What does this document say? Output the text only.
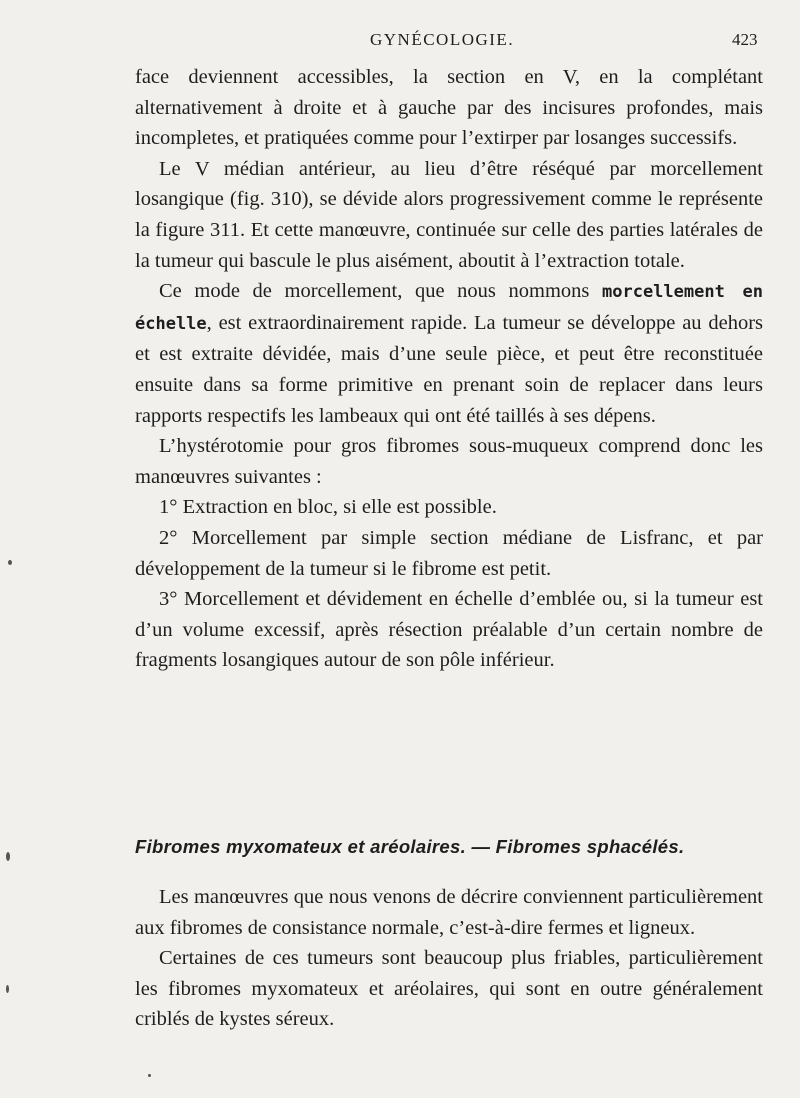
GYNÉCOLOGIE.	423

face deviennent accessibles, la section en V, en la complétant alternativement à droite et à gauche par des incisures profondes, mais incompletes, et pratiquées comme pour l’extirper par losanges successifs.

Le V médian antérieur, au lieu d’être réséqué par morcellement losangique (fig. 310), se dévide alors progressivement comme le représente la figure 311. Et cette manœuvre, continuée sur celle des parties latérales de la tumeur qui bascule le plus aisément, aboutit à l’extraction totale.

Ce mode de morcellement, que nous nommons morcellement en échelle, est extraordinairement rapide. La tumeur se développe au dehors et est extraite dévidée, mais d’une seule pièce, et peut être reconstituée ensuite dans sa forme primitive en prenant soin de replacer dans leurs rapports respectifs les lambeaux qui ont été taillés à ses dépens.

L’hystérotomie pour gros fibromes sous-muqueux comprend donc les manœuvres suivantes :

1° Extraction en bloc, si elle est possible.

2° Morcellement par simple section médiane de Lisfranc, et par développement de la tumeur si le fibrome est petit.

3° Morcellement et dévidement en échelle d’emblée ou, si la tumeur est d’un volume excessif, après résection préalable d’un certain nombre de fragments losangiques autour de son pôle inférieur.

Fibromes myxomateux et aréolaires. — Fibromes sphacélés.

Les manœuvres que nous venons de décrire conviennent particulièrement aux fibromes de consistance normale, c’est-à-dire fermes et ligneux.

Certaines de ces tumeurs sont beaucoup plus friables, particulièrement les fibromes myxomateux et aréolaires, qui sont en outre généralement criblés de kystes séreux.
